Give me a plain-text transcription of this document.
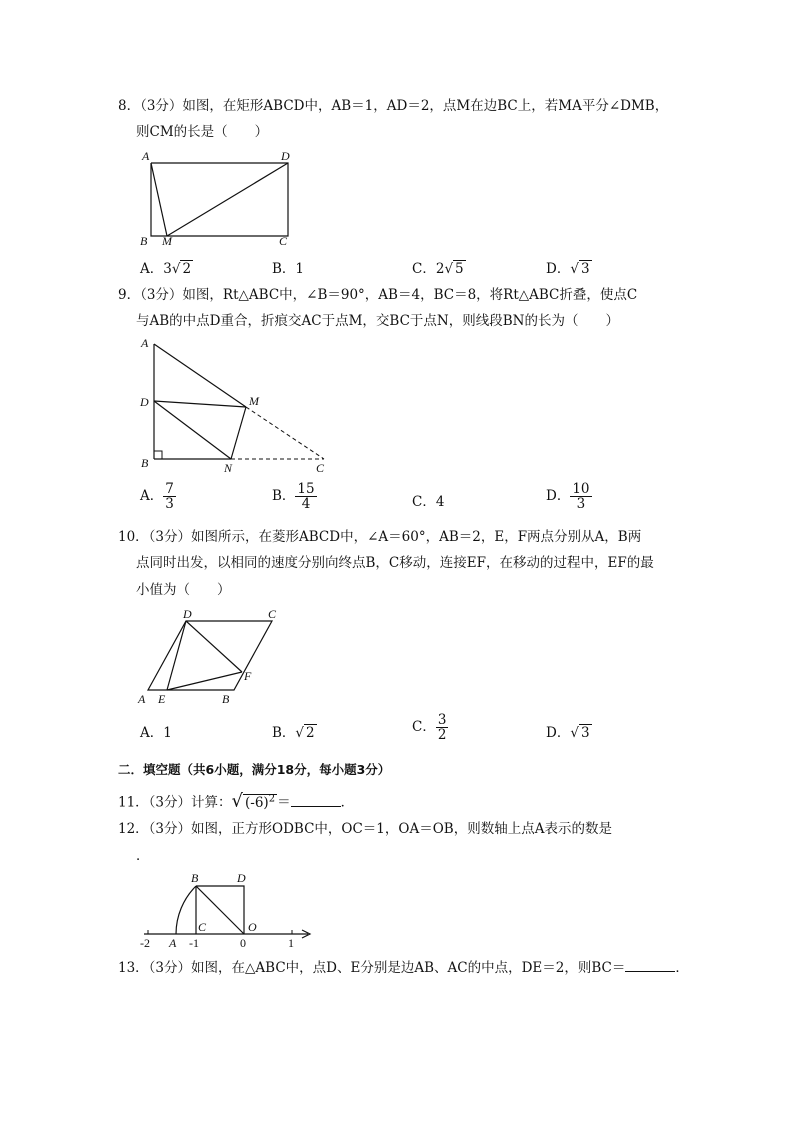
8．（3分）如图，在矩形ABCD中，AB＝1，AD＝2，点M在边BC上，若MA平分∠DMB，
则CM的长是（　　）
A	D
B M	C
A．3√ 2	B．1	C．2√ 5	D．√ 3
9．（3分）如图，Rt△ABC中，∠B＝90°，AB＝4，BC＝8，将Rt△ABC折叠，使点C
与AB的中点D重合，折痕交AC于点M，交BC于点N，则线段BN的长为（　　）
A
D	M
B	N	C
A． $\frac{7}{3}$	B． $\frac{15}{4}$	C．4	D． $\frac{10}{3}$
10．（3分）如图所示，在菱形ABCD中，∠A＝60°，AB＝2，E，F两点分别从A，B两
点同时出发，以相同的速度分别向终点B，C移动，连接EF，在移动的过程中，EF的最
小值为（　　）
D	C
F
A E	B
A．1	B．√ 2	C． $\frac{3}{2}$	D．√ 3
二．填空题（共6小题，满分18分，每小题3分）
11．（3分）计算：√ $(-6)^2$ ＝	．
12．（3分）如图，正方形ODBC中，OC＝1，OA＝OB，则数轴上点A表示的数是
．
B	D
C	O
A
-2	-1	0	1
13．（3分）如图，在△ABC中，点D、E分别是边AB、AC的中点，DE＝2，则BC＝	．
